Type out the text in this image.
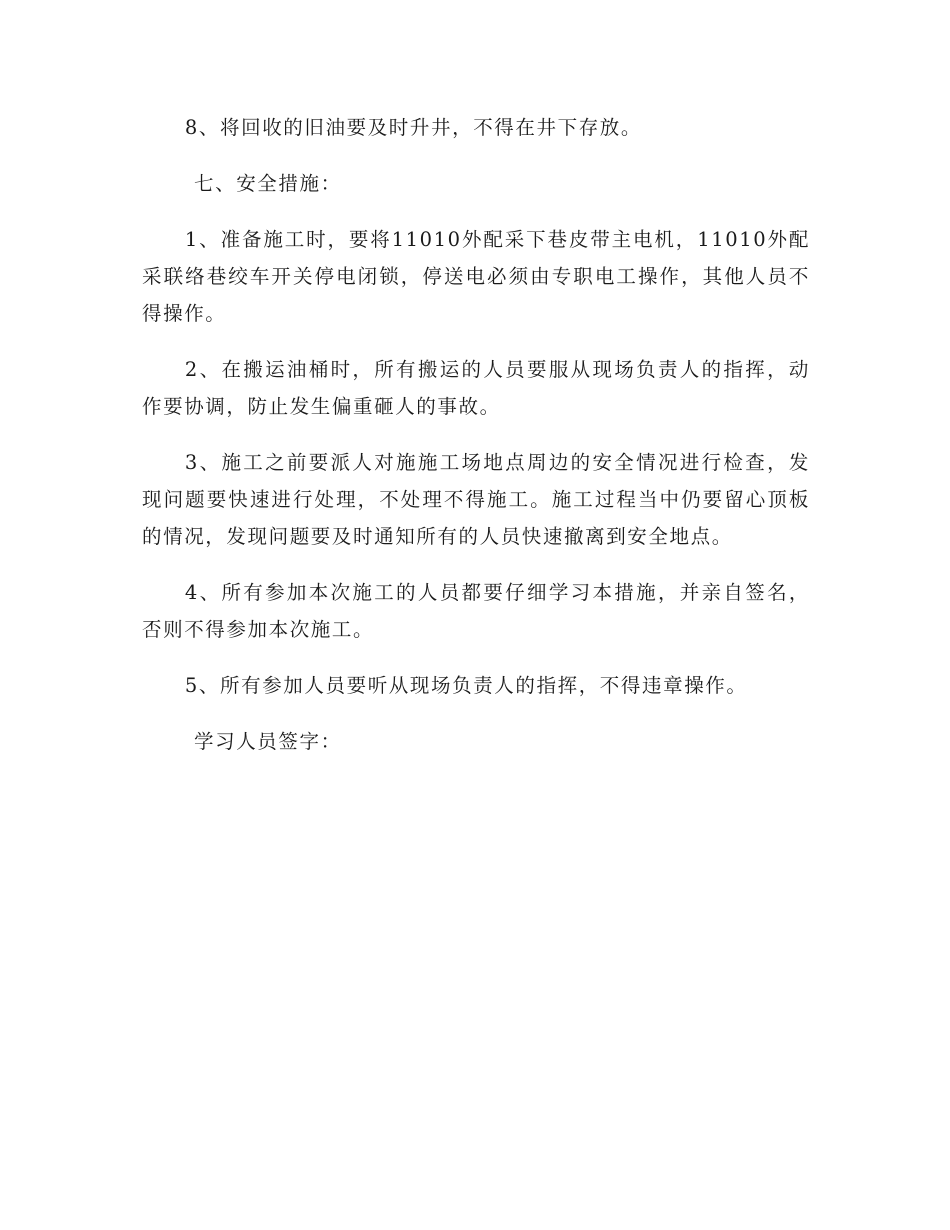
8、将回收的旧油要及时升井，不得在井下存放。

七、安全措施：

1、准备施工时，要将11010外配采下巷皮带主电机，11010外配采联络巷绞车开关停电闭锁，停送电必须由专职电工操作，其他人员不得操作。

2、在搬运油桶时，所有搬运的人员要服从现场负责人的指挥，动作要协调，防止发生偏重砸人的事故。

3、施工之前要派人对施施工场地点周边的安全情况进行检查，发现问题要快速进行处理，不处理不得施工。施工过程当中仍要留心顶板的情况，发现问题要及时通知所有的人员快速撤离到安全地点。

4、所有参加本次施工的人员都要仔细学习本措施，并亲自签名，否则不得参加本次施工。

5、所有参加人员要听从现场负责人的指挥，不得违章操作。

学习人员签字：
